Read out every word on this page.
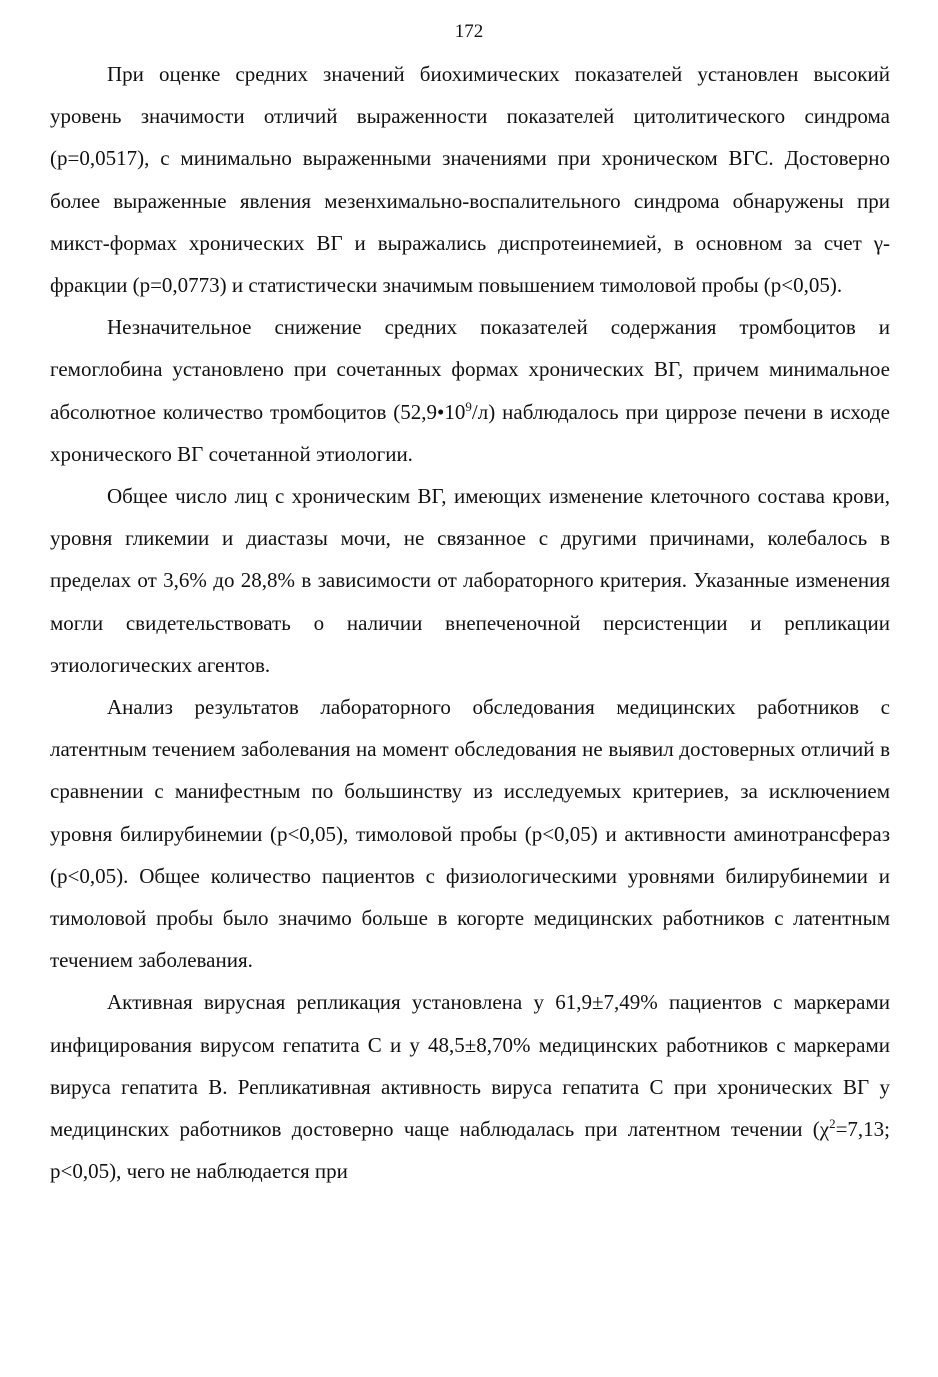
172

При оценке средних значений биохимических показателей установлен высокий уровень значимости отличий выраженности показателей цитолитического синдрома (р=0,0517), с минимально выраженными значениями при хроническом ВГС. Достоверно более выраженные явления мезенхимально-воспалительного синдрома обнаружены при микст-формах хронических ВГ и выражались диспротеинемией, в основном за счет γ-фракции (р=0,0773) и статистически значимым повышением тимоловой пробы (р<0,05).

Незначительное снижение средних показателей содержания тромбоцитов и гемоглобина установлено при сочетанных формах хронических ВГ, причем минимальное абсолютное количество тромбоцитов $(52,9•10^9/л)$ наблюдалось при циррозе печени в исходе хронического ВГ сочетанной этиологии.

Общее число лиц с хроническим ВГ, имеющих изменение клеточного состава крови, уровня гликемии и диастазы мочи, не связанное с другими причинами, колебалось в пределах от 3,6% до 28,8% в зависимости от лабораторного критерия. Указанные изменения могли свидетельствовать о наличии внепеченочной персистенции и репликации этиологических агентов.

Анализ результатов лабораторного обследования медицинских работников с латентным течением заболевания на момент обследования не выявил достоверных отличий в сравнении с манифестным по большинству из исследуемых критериев, за исключением уровня билирубинемии (р<0,05), тимоловой пробы (р<0,05) и активности аминотрансфераз (р<0,05). Общее количество пациентов с физиологическими уровнями билирубинемии и тимоловой пробы было значимо больше в когорте медицинских работников с латентным течением заболевания.

Активная вирусная репликация установлена у 61,9±7,49% пациентов с маркерами инфицирования вирусом гепатита С и у 48,5±8,70% медицинских работников с маркерами вируса гепатита В. Репликативная активность вируса гепатита С при хронических ВГ у медицинских работников достоверно чаще наблюдалась при латентном течении ($\chi^2=7,13$; р<0,05), чего не наблюдается при
